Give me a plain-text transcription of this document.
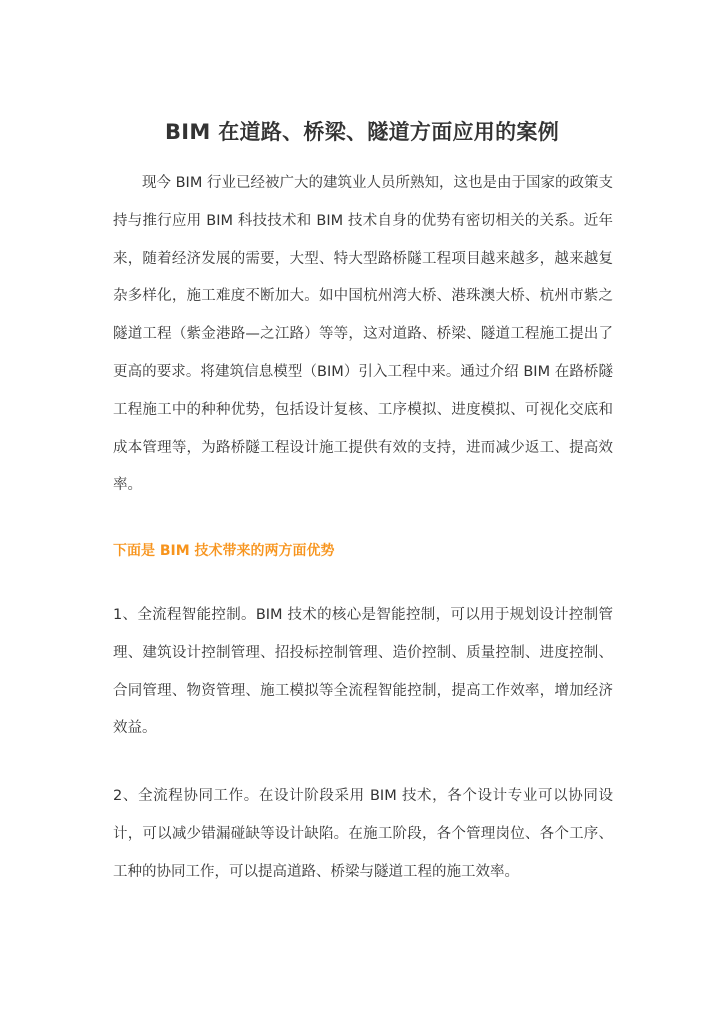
BIM 在道路、桥梁、隧道方面应用的案例

现今 BIM 行业已经被广大的建筑业人员所熟知，这也是由于国家的政策支持与推行应用 BIM 科技技术和 BIM 技术自身的优势有密切相关的关系。近年来，随着经济发展的需要，大型、特大型路桥隧工程项目越来越多，越来越复杂多样化，施工难度不断加大。如中国杭州湾大桥、港珠澳大桥、杭州市紫之隧道工程（紫金港路—之江路）等等，这对道路、桥梁、隧道工程施工提出了更高的要求。将建筑信息模型（BIM）引入工程中来。通过介绍 BIM 在路桥隧工程施工中的种种优势，包括设计复核、工序模拟、进度模拟、可视化交底和成本管理等，为路桥隧工程设计施工提供有效的支持，进而减少返工、提高效率。

下面是 BIM 技术带来的两方面优势

1、全流程智能控制。BIM 技术的核心是智能控制，可以用于规划设计控制管理、建筑设计控制管理、招投标控制管理、造价控制、质量控制、进度控制、合同管理、物资管理、施工模拟等全流程智能控制，提高工作效率，增加经济效益。

2、全流程协同工作。在设计阶段采用 BIM 技术，各个设计专业可以协同设计，可以减少错漏碰缺等设计缺陷。在施工阶段，各个管理岗位、各个工序、工种的协同工作，可以提高道路、桥梁与隧道工程的施工效率。
